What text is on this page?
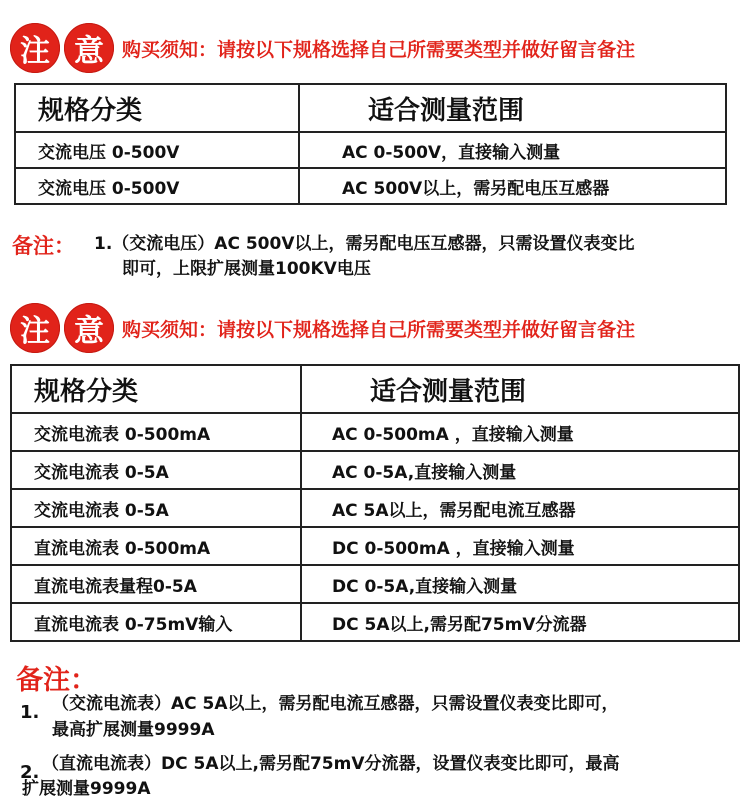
注 意 购买须知：请按以下规格选择自己所需要类型并做好留言备注
规格分类	适合测量范围
交流电压 0-500V	AC 0-500V，直接输入测量
交流电压 0-500V	AC 500V以上，需另配电压互感器
备注： 1.（交流电压）AC 500V以上，需另配电压互感器，只需设置仪表变比
即可，上限扩展测量100KV电压
注 意 购买须知：请按以下规格选择自己所需要类型并做好留言备注
规格分类	适合测量范围
交流电流表 0-500mA	AC 0-500mA ，直接输入测量
交流电流表 0-5A	AC 0-5A,直接输入测量
交流电流表 0-5A	AC 5A以上，需另配电流互感器
直流电流表 0-500mA	DC 0-500mA ，直接输入测量
直流电流表量程0-5A	DC 0-5A,直接输入测量
直流电流表 0-75mV输入	DC 5A以上,需另配75mV分流器
备注：
1. （交流电流表）AC 5A以上，需另配电流互感器，只需设置仪表变比即可，
最高扩展测量9999A
2. （直流电流表）DC 5A以上,需另配75mV分流器，设置仪表变比即可，最高
扩展测量9999A
